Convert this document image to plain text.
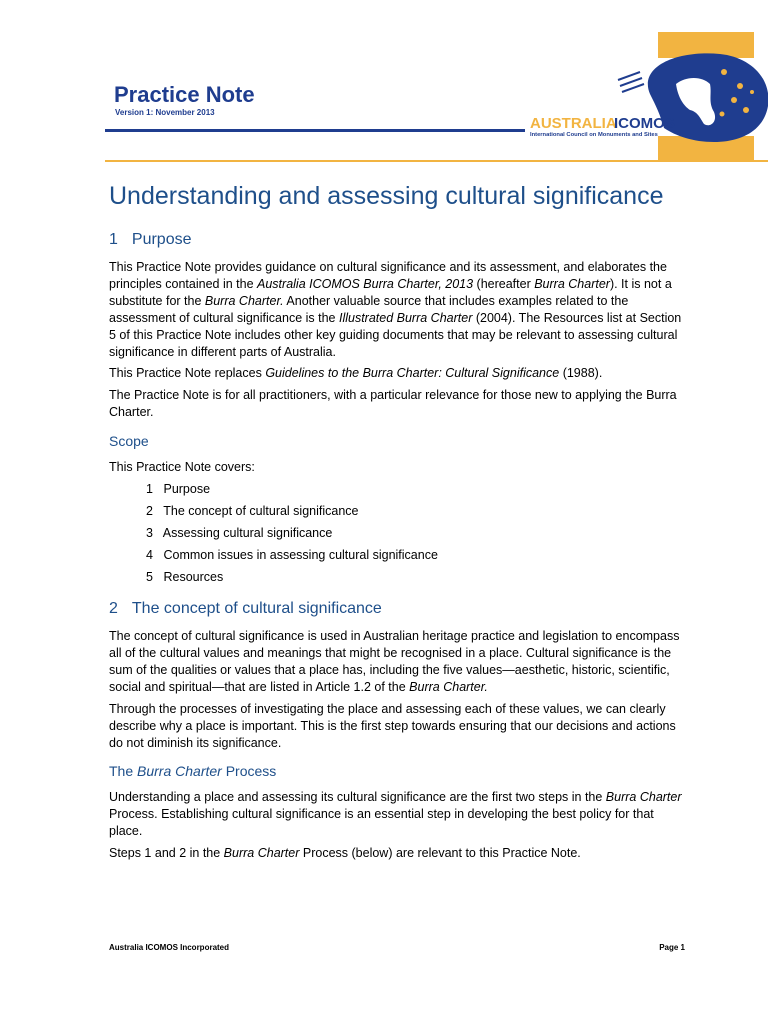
Practice Note
Version 1: November 2013
AUSTRALIA
ICOMOS
International Council on Monuments and Sites
Understanding and assessing cultural significance
1 Purpose

This Practice Note provides guidance on cultural significance and its assessment, and elaborates the principles contained in the Australia ICOMOS Burra Charter, 2013 (hereafter Burra Charter). It is not a substitute for the Burra Charter. Another valuable source that includes examples related to the assessment of cultural significance is the Illustrated Burra Charter (2004). The Resources list at Section 5 of this Practice Note includes other key guiding documents that may be relevant to assessing cultural significance in different parts of Australia.

This Practice Note replaces Guidelines to the Burra Charter: Cultural Significance (1988).

The Practice Note is for all practitioners, with a particular relevance for those new to applying the Burra Charter.

Scope

This Practice Note covers:

1 Purpose
2 The concept of cultural significance
3 Assessing cultural significance
4 Common issues in assessing cultural significance
5 Resources
2 The concept of cultural significance

The concept of cultural significance is used in Australian heritage practice and legislation to encompass all of the cultural values and meanings that might be recognised in a place. Cultural significance is the sum of the qualities or values that a place has, including the five values—aesthetic, historic, scientific, social and spiritual—that are listed in Article 1.2 of the Burra Charter.

Through the processes of investigating the place and assessing each of these values, we can clearly describe why a place is important. This is the first step towards ensuring that our decisions and actions do not diminish its significance.

The Burra Charter Process

Understanding a place and assessing its cultural significance are the first two steps in the Burra Charter Process. Establishing cultural significance is an essential step in developing the best policy for that place.

Steps 1 and 2 in the Burra Charter Process (below) are relevant to this Practice Note.

Australia ICOMOS Incorporated	Page 1
